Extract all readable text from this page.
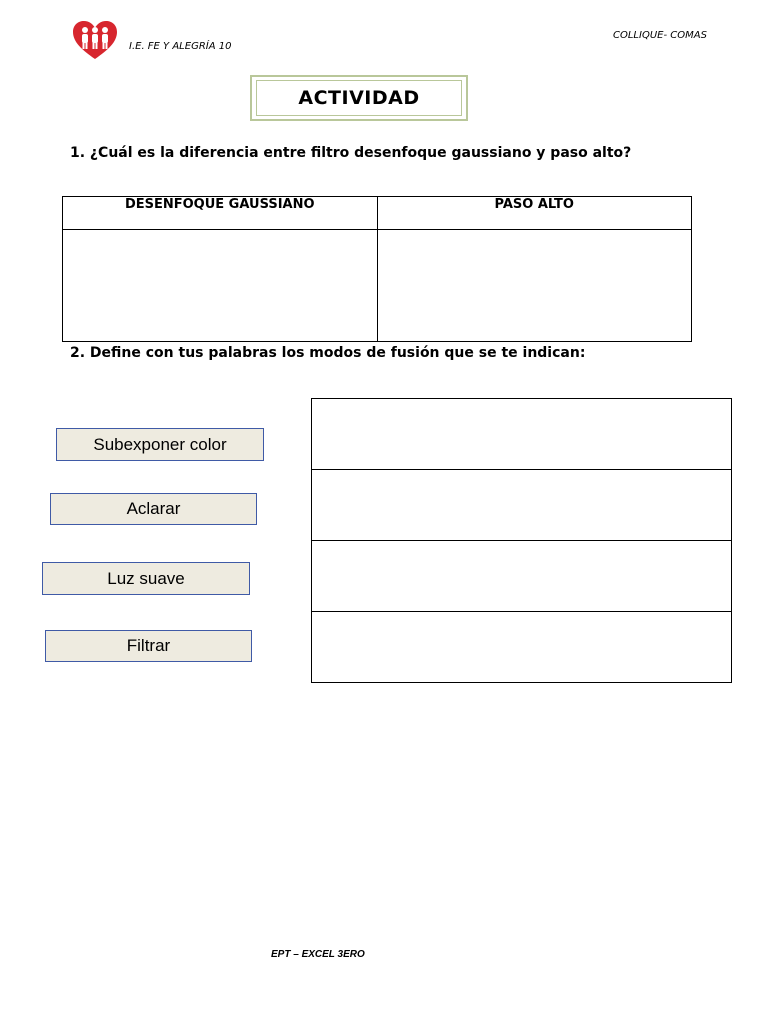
I.E. FE Y ALEGRÍA 10
COLLIQUE- COMAS
ACTIVIDAD
1. ¿Cuál es la diferencia entre filtro desenfoque gaussiano y paso alto?
DESENFOQUE GAUSSIANO	PASO ALTO

2. Define con tus palabras los modos de fusión que se te indican:
Subexponer color
Aclarar
Luz suave
Filtrar
EPT – EXCEL 3ERO
